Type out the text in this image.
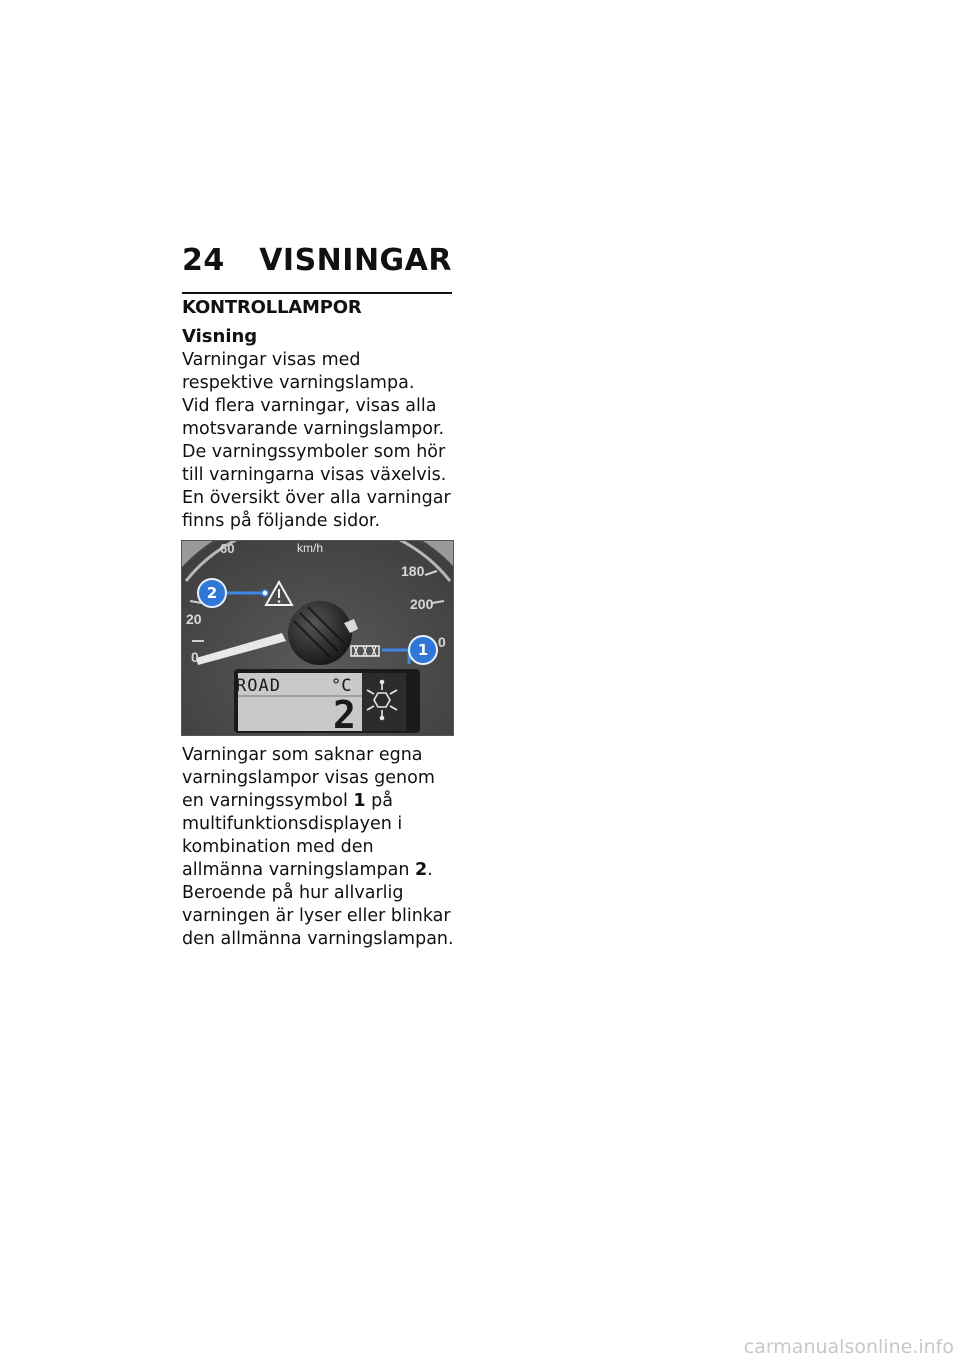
24	VISNINGAR
KONTROLLAMPOR
Visning
Varningar visas med respektive varningslampa.
Vid flera varningar, visas alla motsvarande varningslampor.
De varningssymboler som hör till varningarna visas växelvis.
En översikt över alla varningar finns på följande sidor.
60	km/h
180
200
20
0
0
2
1
ROAD	°C
2
Varningar som saknar egna varningslampor visas genom en varningssymbol 1 på multifunktionsdisplayen i kombination med den allmänna varningslampan 2. Beroende på hur allvarlig varningen är lyser eller blinkar den allmänna varningslampan.
carmanualsonline.info
